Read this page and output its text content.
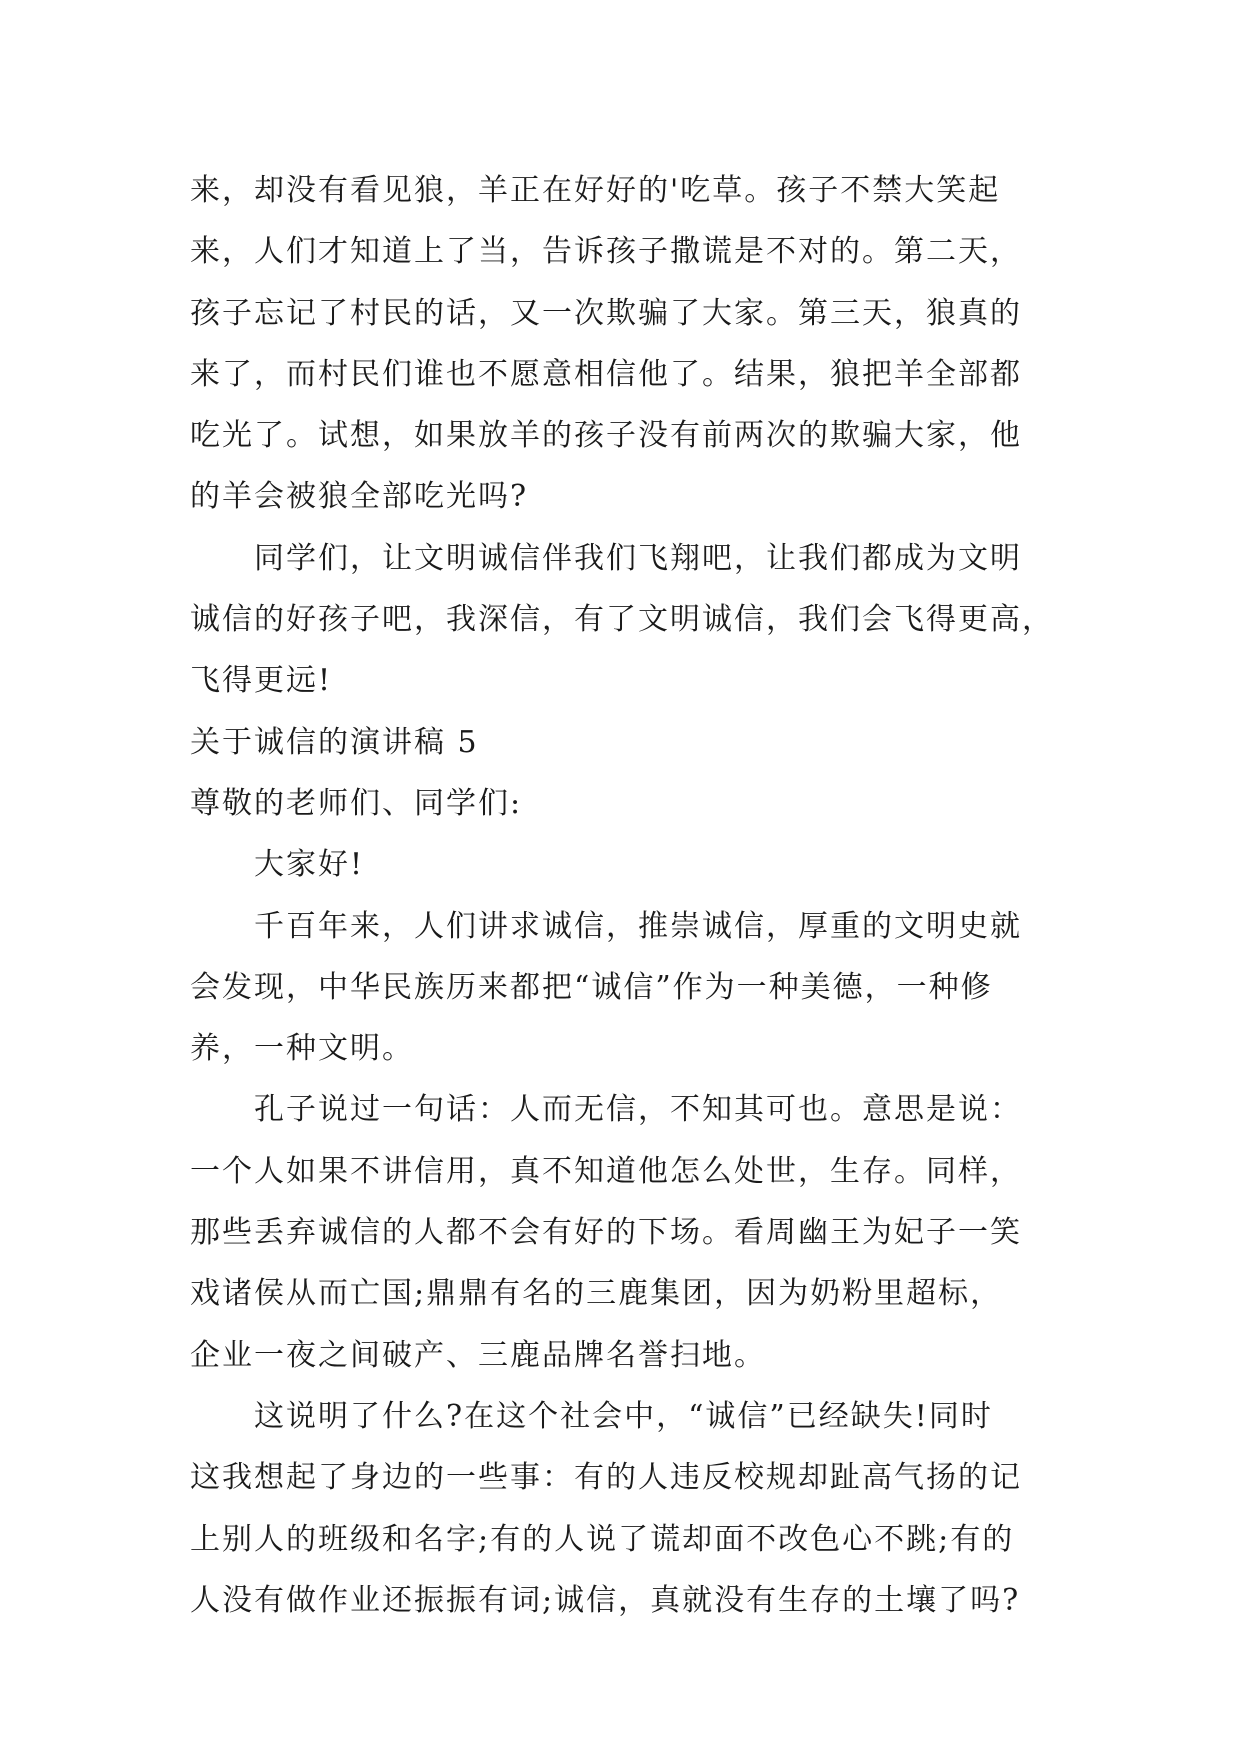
来，却没有看见狼，羊正在好好的'吃草。孩子不禁大笑起
来，人们才知道上了当，告诉孩子撒谎是不对的。第二天，
孩子忘记了村民的话，又一次欺骗了大家。第三天，狼真的
来了，而村民们谁也不愿意相信他了。结果，狼把羊全部都
吃光了。试想，如果放羊的孩子没有前两次的欺骗大家，他
的羊会被狼全部吃光吗?
同学们，让文明诚信伴我们飞翔吧，让我们都成为文明
诚信的好孩子吧，我深信，有了文明诚信，我们会飞得更高，
飞得更远!
关于诚信的演讲稿 5
尊敬的老师们、同学们:
大家好!
千百年来，人们讲求诚信，推崇诚信，厚重的文明史就
会发现，中华民族历来都把“诚信”作为一种美德，一种修
养，一种文明。
孔子说过一句话：人而无信，不知其可也。意思是说：
一个人如果不讲信用，真不知道他怎么处世，生存。同样，
那些丢弃诚信的人都不会有好的下场。看周幽王为妃子一笑
戏诸侯从而亡国;鼎鼎有名的三鹿集团，因为奶粉里超标，
企业一夜之间破产、三鹿品牌名誉扫地。
这说明了什么?在这个社会中，“诚信”已经缺失!同时
这我想起了身边的一些事：有的人违反校规却趾高气扬的记
上别人的班级和名字;有的人说了谎却面不改色心不跳;有的
人没有做作业还振振有词;诚信，真就没有生存的土壤了吗?
